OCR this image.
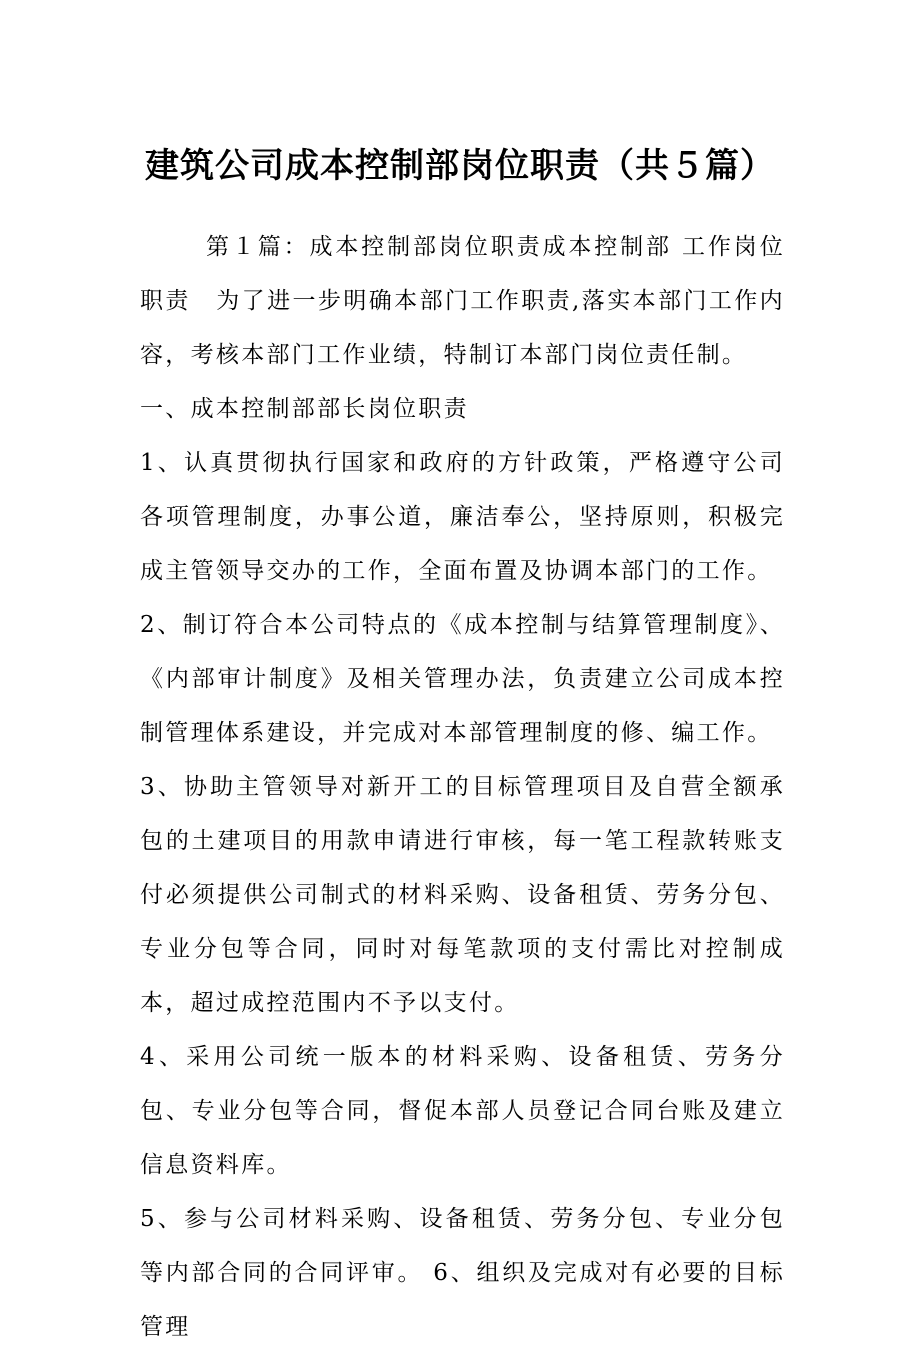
建筑公司成本控制部岗位职责（共５篇）

第１篇：成本控制部岗位职责成本控制部 工作岗位职责　为了进一步明确本部门工作职责,落实本部门工作内容，考核本部门工作业绩，特制订本部门岗位责任制。

一、成本控制部部长岗位职责

1、认真贯彻执行国家和政府的方针政策，严格遵守公司各项管理制度，办事公道，廉洁奉公，坚持原则，积极完成主管领导交办的工作，全面布置及协调本部门的工作。

2、制订符合本公司特点的《成本控制与结算管理制度》、《内部审计制度》及相关管理办法，负责建立公司成本控制管理体系建设，并完成对本部管理制度的修、编工作。

3、协助主管领导对新开工的目标管理项目及自营全额承包的土建项目的用款申请进行审核，每一笔工程款转账支付必须提供公司制式的材料采购、设备租赁、劳务分包、专业分包等合同，同时对每笔款项的支付需比对控制成本，超过成控范围内不予以支付。

4、采用公司统一版本的材料采购、设备租赁、劳务分包、专业分包等合同，督促本部人员登记合同台账及建立信息资料库。

5、参与公司材料采购、设备租赁、劳务分包、专业分包等内部合同的合同评审。 6、组织及完成对有必要的目标管理
